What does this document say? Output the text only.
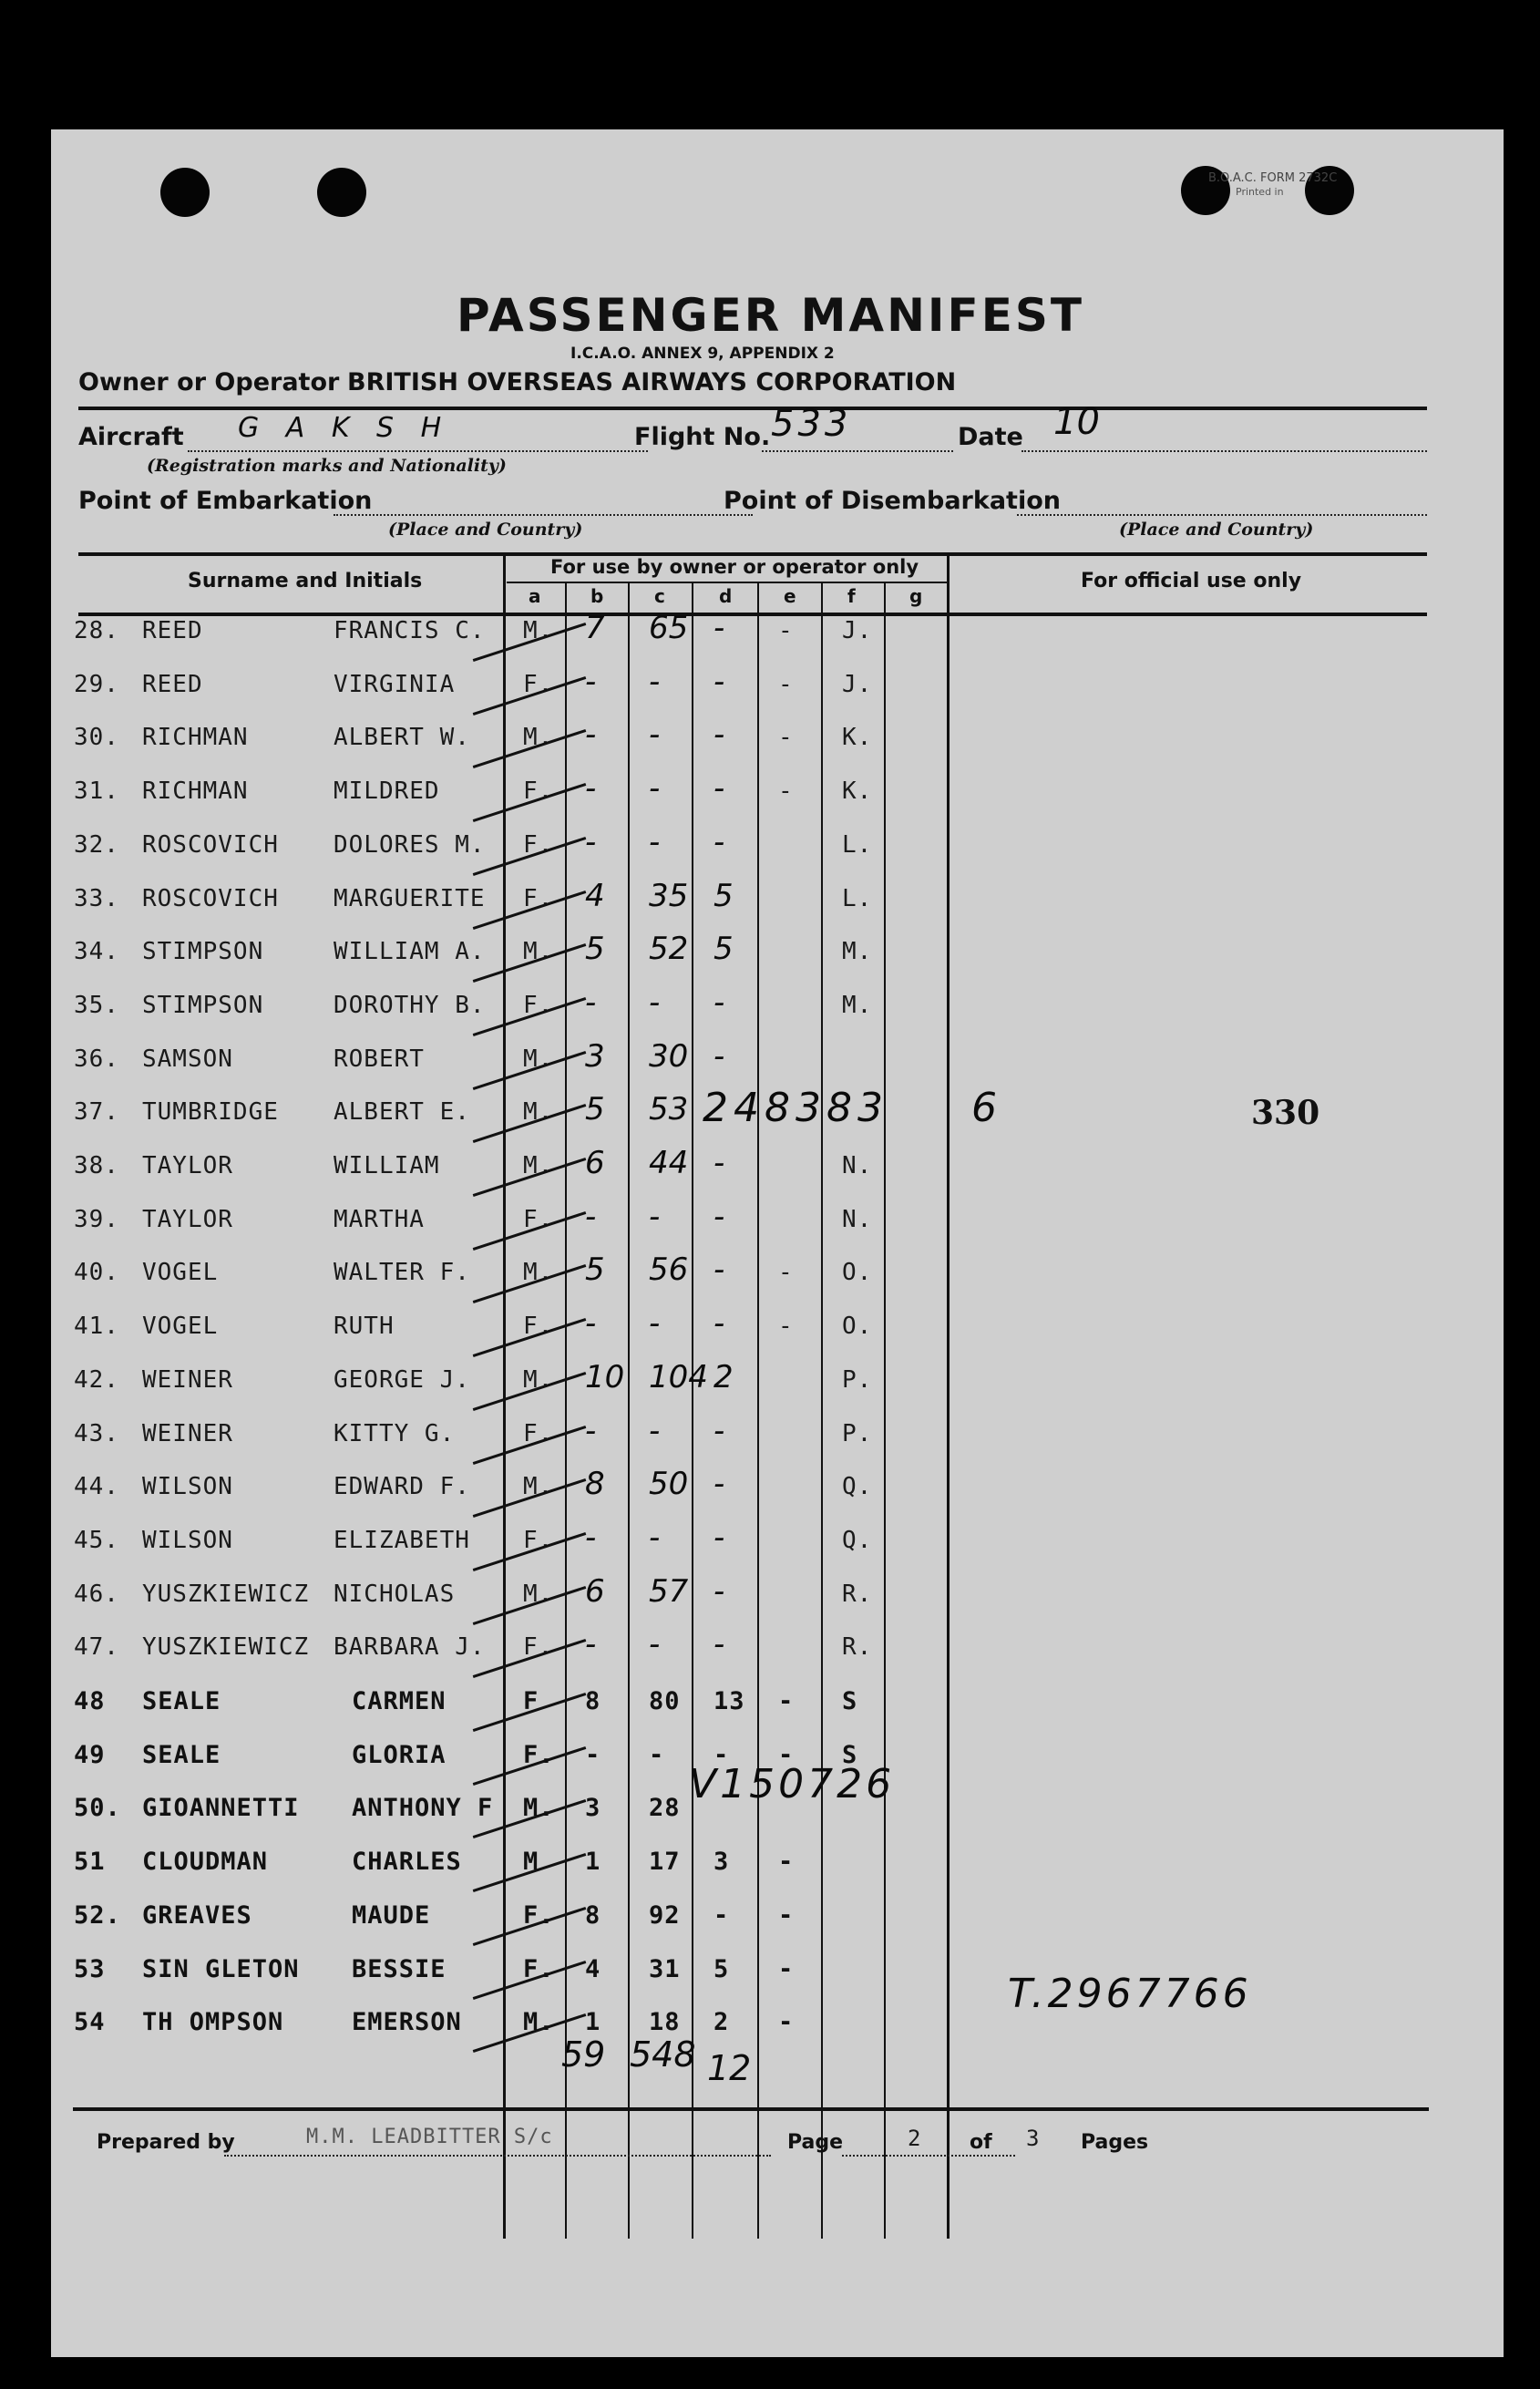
B.O.A.C. FORM 2732C
Printed in
PASSENGER MANIFEST
I.C.A.O. ANNEX 9, APPENDIX 2
Owner or Operator BRITISH OVERSEAS AIRWAYS CORPORATION
Aircraft G A K S H
(Registration marks and Nationality)
Flight No. 533	Date 10
Point of Embarkation
(Place and Country)
Point of Disembarkation
(Place and Country)
Surname and Initials
For use by owner or operator only
For official use only
a	b	c	d	e	f	g
28. REED	FRANCIS C. M. 7 65 - - J.
29. REED	VIRGINIA	F. - - - - J.
30. RICHMAN	ALBERT W. M. - - - - K.
31. RICHMAN	MILDRED	F. - - - - K.
32. ROSCOVICH DOLORES M. F. - - -	L.
33. ROSCOVICH MARGUERITE F. 4 35 5	L.
34. STIMPSON	WILLIAM A. M. 5 52 5	M.
35. STIMPSON	DOROTHY B. F. - - -	M.
36. SAMSON	ROBERT	M. 3 30 -
37. TUMBRIDGE ALBERT E. M. 5 53
38. TAYLOR	WILLIAM	M. 6 44 -	N.
39. TAYLOR	MARTHA	F. - - -	N.
40. VOGEL	WALTER F. M. 5 56 - - O.
41. VOGEL	RUTH	F. - - - - O.
42. WEINER	GEORGE J. M. 10 104 2	P.
43. WEINER	KITTY G.	F. - - -	P.
44. WILSON	EDWARD F. M. 8 50 -	Q.
45. WILSON	ELIZABETH F. - - -	Q.
46. YUSZKIEWICZ NICHOLAS	M. 6 57 -	R.
47. YUSZKIEWICZ BARBARA J. F. - - -	R.
48 SEALE	CARMEN	F 8 80 13 - S
49 SEALE	GLORIA	F. - - - - S
50. GIOANNETTI ANTHONY F M. 3 28
51 CLOUDMAN	CHARLES M 1 17 3 -
52. GREAVES	MAUDE	F. 8 92 - -
53 SIN GLETON BESSIE	F. 4 31 5 -
54 TH OMPSON	EMERSON M. 1 18 2 -
248383 6	330
V150726
T.2967766
59 548 12
Prepared by	M.M. LEADBITTER S/c	Page	2 of 3 Pages
